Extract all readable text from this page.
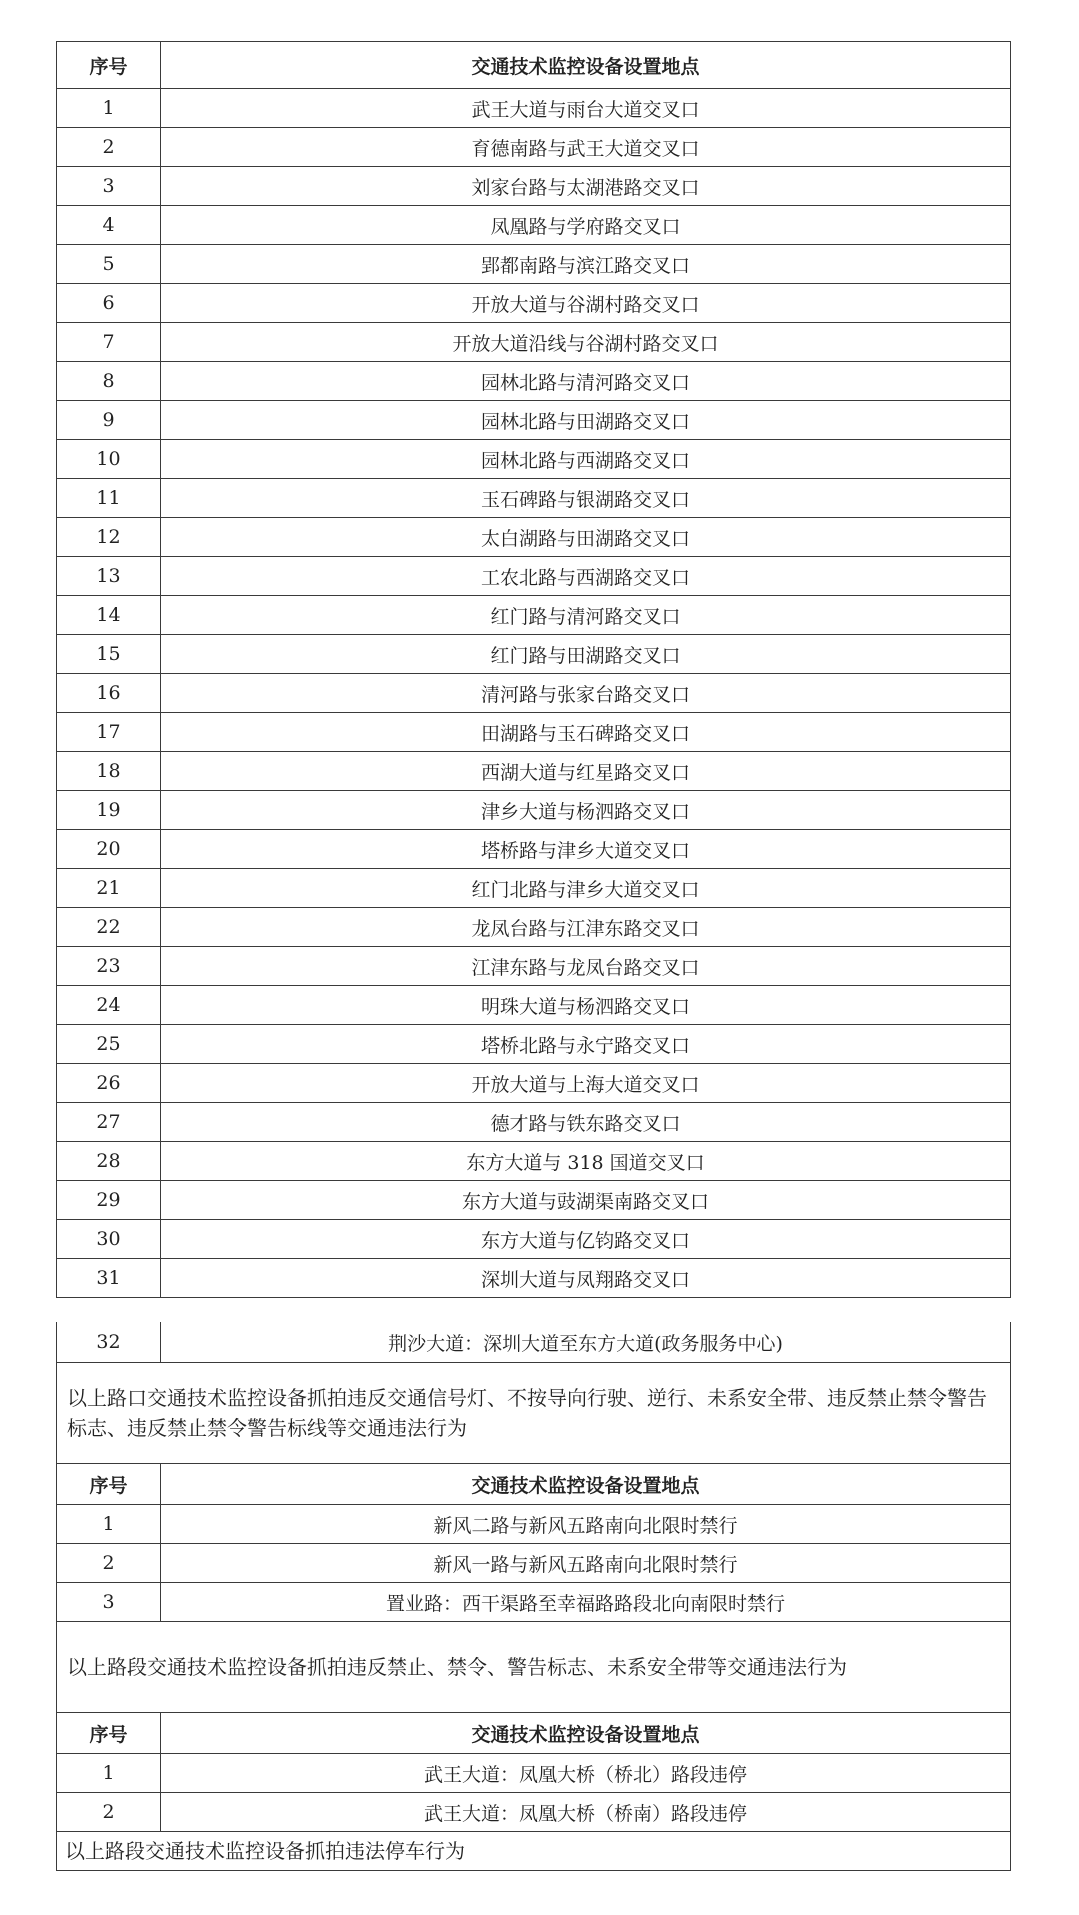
序号	交通技术监控设备设置地点
1	武王大道与雨台大道交叉口
2	育德南路与武王大道交叉口
3	刘家台路与太湖港路交叉口
4	凤凰路与学府路交叉口
5	郢都南路与滨江路交叉口
6	开放大道与谷湖村路交叉口
7	开放大道沿线与谷湖村路交叉口
8	园林北路与清河路交叉口
9	园林北路与田湖路交叉口
10	园林北路与西湖路交叉口
11	玉石碑路与银湖路交叉口
12	太白湖路与田湖路交叉口
13	工农北路与西湖路交叉口
14	红门路与清河路交叉口
15	红门路与田湖路交叉口
16	清河路与张家台路交叉口
17	田湖路与玉石碑路交叉口
18	西湖大道与红星路交叉口
19	津乡大道与杨泗路交叉口
20	塔桥路与津乡大道交叉口
21	红门北路与津乡大道交叉口
22	龙凤台路与江津东路交叉口
23	江津东路与龙凤台路交叉口
24	明珠大道与杨泗路交叉口
25	塔桥北路与永宁路交叉口
26	开放大道与上海大道交叉口
27	德才路与铁东路交叉口
28	东方大道与 318 国道交叉口
29	东方大道与豉湖渠南路交叉口
30	东方大道与亿钧路交叉口
31	深圳大道与凤翔路交叉口
32	荆沙大道：深圳大道至东方大道(政务服务中心)
以上路口交通技术监控设备抓拍违反交通信号灯、不按导向行驶、逆行、未系安全带、违反禁止禁令警告标志、违反禁止禁令警告标线等交通违法行为	
序号	交通技术监控设备设置地点
1	新风二路与新风五路南向北限时禁行
2	新风一路与新风五路南向北限时禁行
3	置业路：西干渠路至幸福路路段北向南限时禁行
以上路段交通技术监控设备抓拍违反禁止、禁令、警告标志、未系安全带等交通违法行为	
序号	交通技术监控设备设置地点
1	武王大道：凤凰大桥（桥北）路段违停
2	武王大道：凤凰大桥（桥南）路段违停
以上路段交通技术监控设备抓拍违法停车行为	
